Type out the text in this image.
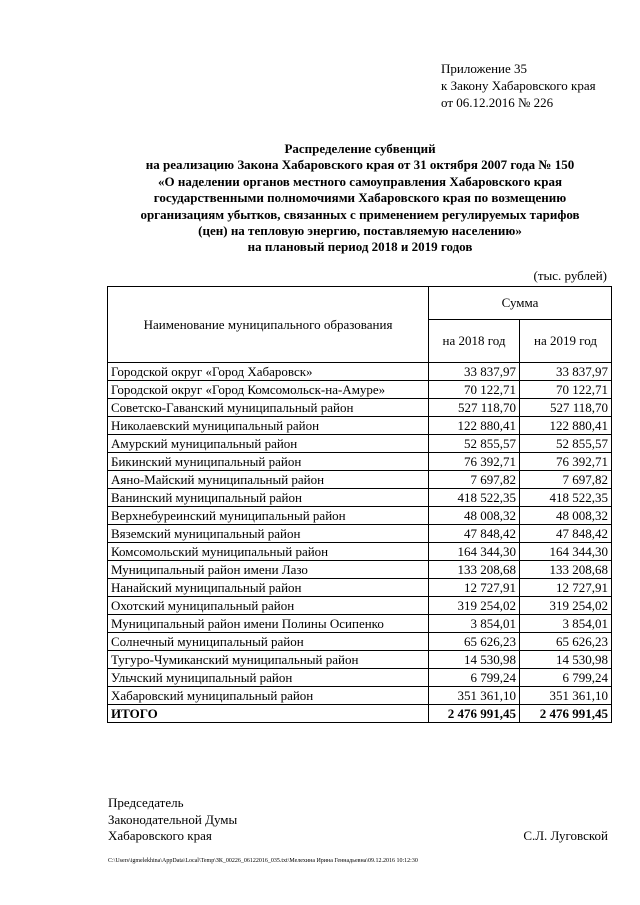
Приложение 35
к Закону Хабаровского края
от 06.12.2016 № 226
Распределение субвенций
на реализацию Закона Хабаровского края от 31 октября 2007 года № 150
«О наделении органов местного самоуправления Хабаровского края
государственными полномочиями Хабаровского края по возмещению
организациям убытков, связанных с применением регулируемых тарифов
(цен) на тепловую энергию, поставляемую населению»
на плановый период 2018 и 2019 годов
(тыс. рублей)
Наименование муниципального образования	Сумма	
	на 2018 год	на 2019 год
Городской округ «Город Хабаровск»	33 837,97	33 837,97
Городской округ «Город Комсомольск-на-Амуре»	70 122,71	70 122,71
Советско-Гаванский муниципальный район	527 118,70	527 118,70
Николаевский муниципальный район	122 880,41	122 880,41
Амурский муниципальный район	52 855,57	52 855,57
Бикинский муниципальный район	76 392,71	76 392,71
Аяно-Майский муниципальный район	7 697,82	7 697,82
Ванинский муниципальный район	418 522,35	418 522,35
Верхнебуреинский муниципальный район	48 008,32	48 008,32
Вяземский муниципальный район	47 848,42	47 848,42
Комсомольский муниципальный район	164 344,30	164 344,30
Муниципальный район имени Лазо	133 208,68	133 208,68
Нанайский муниципальный район	12 727,91	12 727,91
Охотский муниципальный район	319 254,02	319 254,02
Муниципальный район имени Полины Осипенко	3 854,01	3 854,01
Солнечный муниципальный район	65 626,23	65 626,23
Тугуро-Чумиканский муниципальный район	14 530,98	14 530,98
Ульчский муниципальный район	6 799,24	6 799,24
Хабаровский муниципальный район	351 361,10	351 361,10
ИТОГО	2 476 991,45	2 476 991,45
Председатель
Законодательной Думы
Хабаровского края	С.Л. Луговской
C:\Users\igmelekhina\AppData\Local\Temp\ЗК_00226_06122016_035.txt\Мелехина Ирина Геннадьевна\09.12.2016 10:12:30
